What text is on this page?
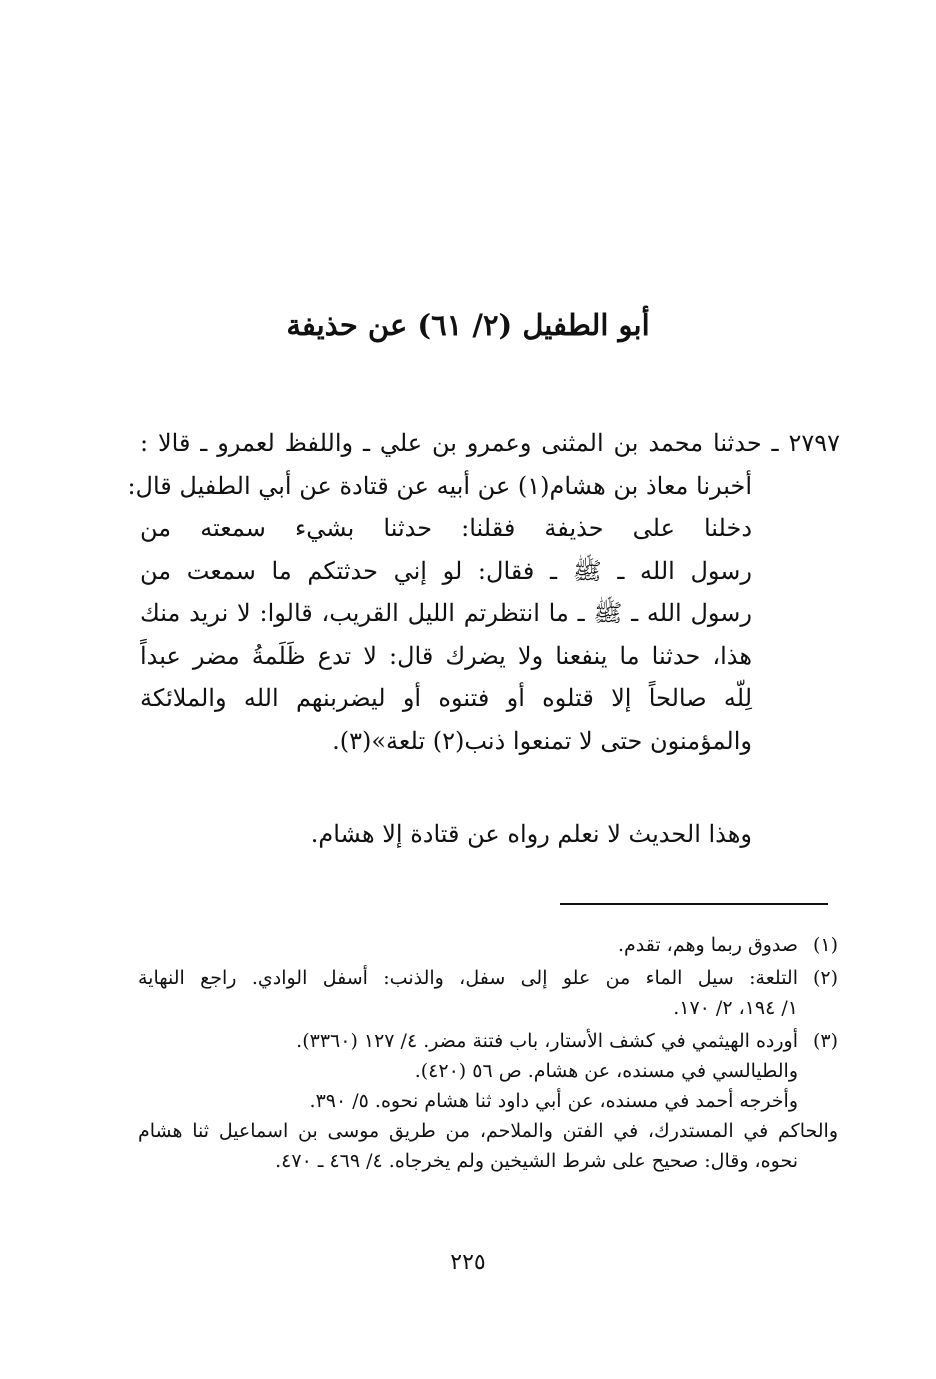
أبو الطفيل (٢/ ٦١) عن حذيفة
٢٧٩٧ ـ حدثنا محمد بن المثنى وعمرو بن علي ـ واللفظ لعمرو ـ قالا :
أخبرنا معاذ بن هشام(١) عن أبيه عن قتادة عن أبي الطفيل قال:
دخلنا على حذيفة فقلنا: حدثنا بشيء سمعته من
رسول الله ـ ﷺ ـ فقال: لو إني حدثتكم ما سمعت من
رسول الله ـ ﷺ ـ ما انتظرتم الليل القريب، قالوا: لا نريد منك
هذا، حدثنا ما ينفعنا ولا يضرك قال: لا تدع ظَلَمةُ مضر عبداً
لِلّه صالحاً إلا قتلوه أو فتنوه أو ليضربنهم الله والملائكة
والمؤمنون حتى لا تمنعوا ذنب(٢) تلعة»(٣).
وهذا الحديث لا نعلم رواه عن قتادة إلا هشام.
(١)
صدوق ربما وهم، تقدم.
(٢)
التلعة: سيل الماء من علو إلى سفل، والذنب: أسفل الوادي. راجع النهاية
١/ ١٩٤، ٢/ ١٧٠.
(٣)
أورده الهيثمي في كشف الأستار، باب فتنة مضر. ٤/ ١٢٧ (٣٣٦٠).
والطيالسي في مسنده، عن هشام. ص ٥٦ (٤٢٠).
وأخرجه أحمد في مسنده، عن أبي داود ثنا هشام نحوه. ٥/ ٣٩٠.
والحاكم في المستدرك، في الفتن والملاحم، من طريق موسى بن اسماعيل ثنا هشام
نحوه، وقال: صحيح على شرط الشيخين ولم يخرجاه. ٤/ ٤٦٩ ـ ٤٧٠.
٢٢٥
